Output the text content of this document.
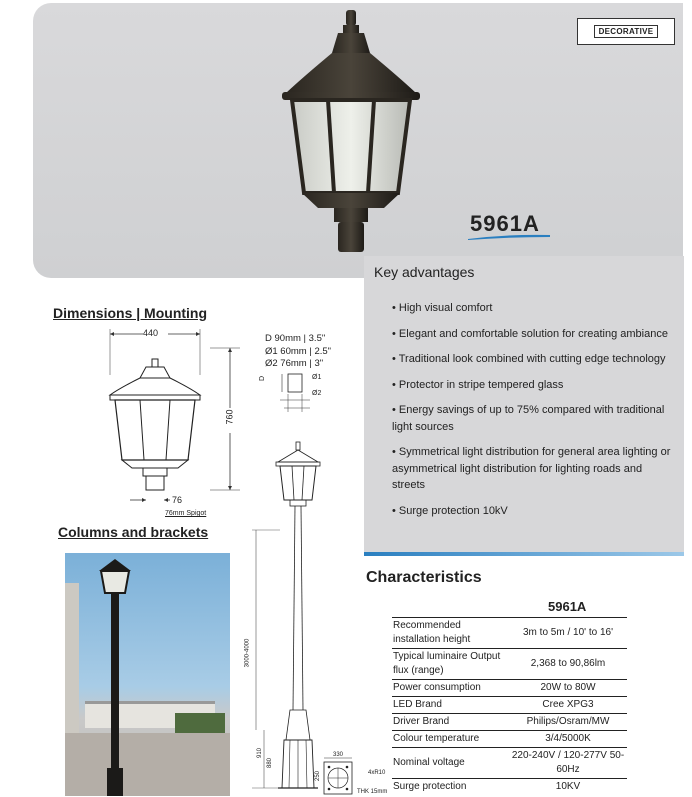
DECORATIVE
5961A
Key advantages
• High visual comfort
• Elegant and comfortable solution for creating ambiance
• Traditional look combined with cutting edge technology
• Protector in stripe tempered glass
• Energy savings of up to 75% compared with traditional light sources
• Symmetrical light distribution for general area lighting or asymmetrical light distribution for lighting roads and streets
• Surge protection 10kV
Dimensions | Mounting
440
760
76
76mm Spigot
D 90mm | 3.5"
Ø1 60mm | 2.5"
Ø2 76mm | 3"
D	Ø1
Ø2
Columns and brackets
3000-4000
910
880
330
250	4xR10
THK 15mm
Characteristics
5961A
Recommended installation height	3m to 5m / 10' to 16'
Typical luminaire Output flux (range)	2,368 to 90,86lm
Power consumption	20W to 80W
LED Brand	Cree XPG3
Driver Brand	Philips/Osram/MW
Colour temperature	3/4/5000K
Nominal voltage	220-240V / 120-277V 50-60Hz
Surge protection	10KV
